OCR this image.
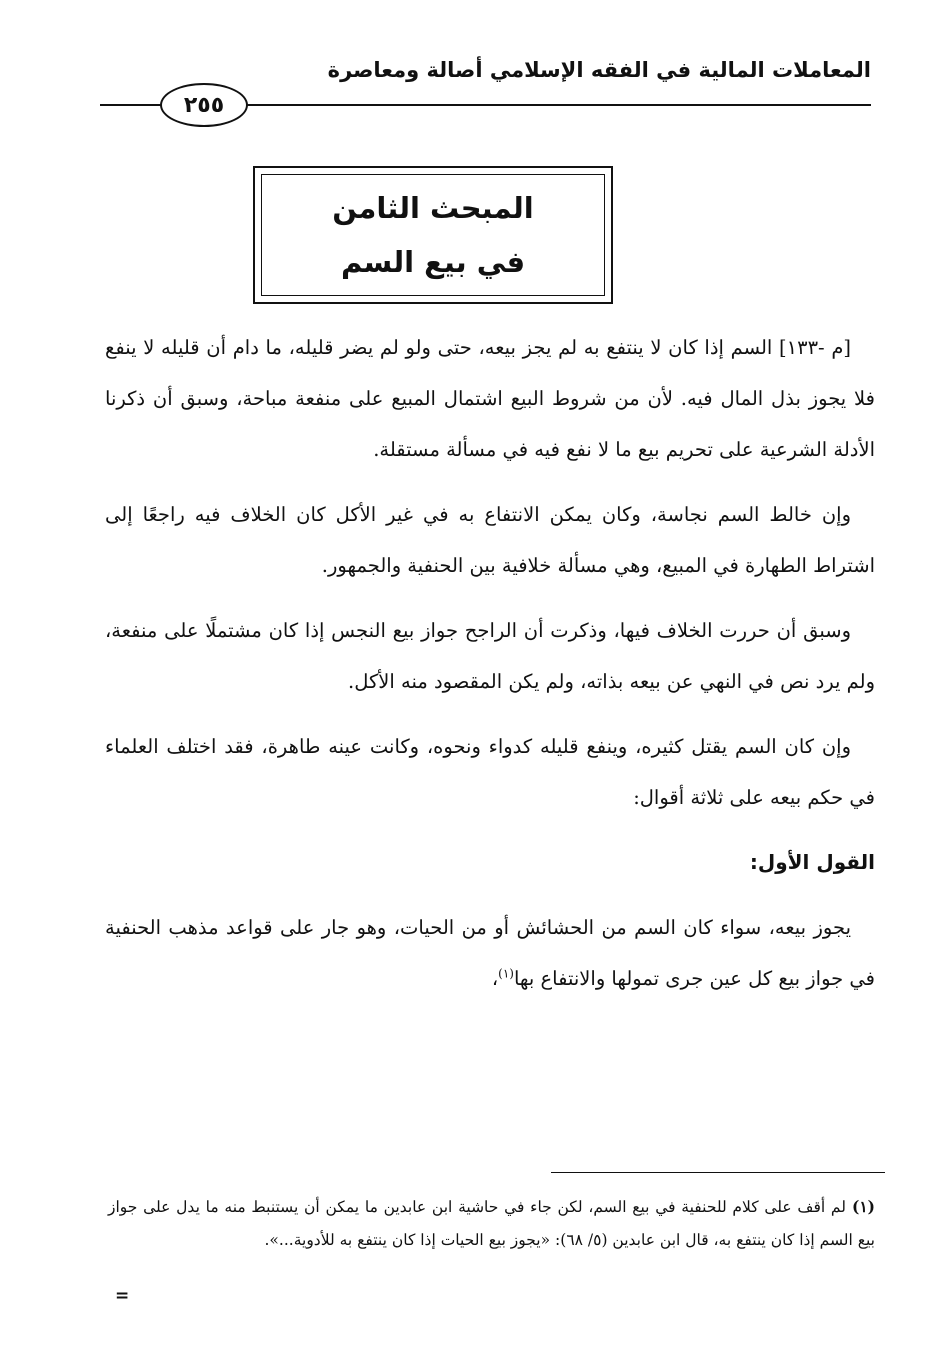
المعاملات المالية في الفقه الإسلامي أصالة ومعاصرة
٢٥٥
المبحث الثامن
في بيع السم

[م -١٣٣] السم إذا كان لا ينتفع به لم يجز بيعه، حتى ولو لم يضر قليله، ما دام أن قليله لا ينفع فلا يجوز بذل المال فيه. لأن من شروط البيع اشتمال المبيع على منفعة مباحة، وسبق أن ذكرنا الأدلة الشرعية على تحريم بيع ما لا نفع فيه في مسألة مستقلة.

وإن خالط السم نجاسة، وكان يمكن الانتفاع به في غير الأكل كان الخلاف فيه راجعًا إلى اشتراط الطهارة في المبيع، وهي مسألة خلافية بين الحنفية والجمهور.

وسبق أن حررت الخلاف فيها، وذكرت أن الراجح جواز بيع النجس إذا كان مشتملًا على منفعة، ولم يرد نص في النهي عن بيعه بذاته، ولم يكن المقصود منه الأكل.

وإن كان السم يقتل كثيره، وينفع قليله كدواء ونحوه، وكانت عينه طاهرة، فقد اختلف العلماء في حكم بيعه على ثلاثة أقوال:

القول الأول:

يجوز بيعه، سواء كان السم من الحشائش أو من الحيات، وهو جار على قواعد مذهب الحنفية في جواز بيع كل عين جرى تمولها والانتفاع بها$^{(١)}$،

(١)لم أقف على كلام للحنفية في بيع السم، لكن جاء في حاشية ابن عابدين ما يمكن أن يستنبط منه ما يدل على جواز بيع السم إذا كان ينتفع به، قال ابن عابدين (٥/ ٦٨): «يجوز بيع الحيات إذا كان ينتفع به للأدوية...».

=
